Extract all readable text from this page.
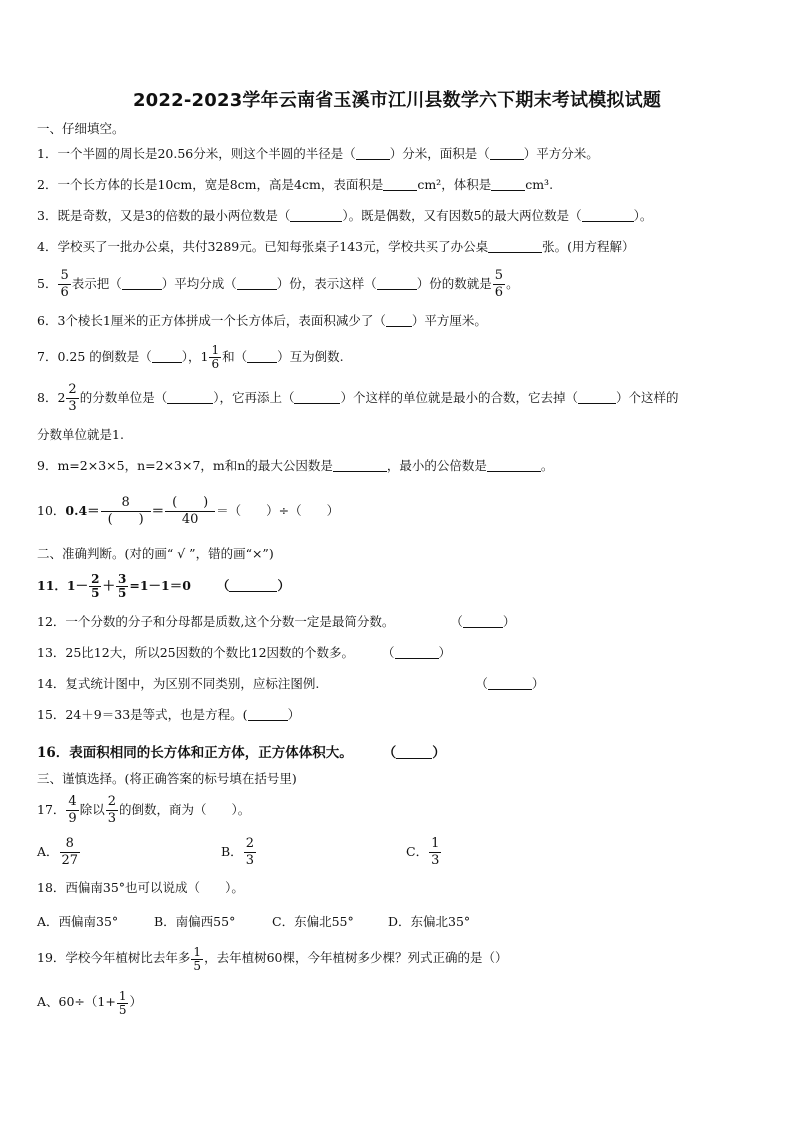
2022-2023学年云南省玉溪市江川县数学六下期末考试模拟试题
一、仔细填空。
1．一个半圆的周长是20.56分米，则这个半圆的半径是（	）分米，面积是（	）平方分米。
2．一个长方体的长是10cm，宽是8cm，高是4cm，表面积是	cm²，体积是	cm³.
3．既是奇数，又是3的倍数的最小两位数是（	）。既是偶数，又有因数5的最大两位数是（	）。
4．学校买了一批办公桌，共付3289元。已知每张桌子143元，学校共买了办公桌	张。(用方程解）
5． $\frac{5}{6}$ 表示把（	）平均分成（	）份，表示这样（	）份的数就是 $\frac{5}{6}$ 。
6．3个棱长1厘米的正方体拼成一个长方体后，表面积减少了（ ）平方厘米。
7．0.25 的倒数是（ ），$1 \frac{1}{6}$ 和（ ）互为倒数.
8．$2 \frac{2}{3}$ 的分数单位是（	），它再添上（	）个这样的单位就是最小的合数，它去掉（	）个这样的
分数单位就是1.
9．m=2×3×5，n=2×3×7，m和n的最大公因数是	，最小的公倍数是	。
10．$0.4= \frac{8}{( )} = \frac{( )}{40}$ ＝（　　）÷（　　）
二、准确判断。(对的画“ √ ”，错的画“×”)
11．$1- \frac{2}{5} + \frac{3}{5} =1-1=0$ （	）
12．一个分数的分子和分母都是质数,这个分数一定是最简分数。	（	）
13．25比12大，所以25因数的个数比12因数的个数多。 （	）
14．复式统计图中，为区别不同类别，应标注图例.	（	）
15．24＋9＝33是等式，也是方程。(	）
16．表面积相同的长方体和正方体，正方体体积大。 （	）
三、谨慎选择。(将正确答案的标号填在括号里)
17． $\frac{4}{9}$ 除以 $\frac{2}{3}$ 的倒数，商为（　　）。
A． $\frac{8}{27}$	B． $\frac{2}{3}$	C． $\frac{1}{3}$
18．西偏南35°也可以说成（　　）。
A．西偏南35°	B．南偏西55°	C．东偏北55°	D．东偏北35°
19．学校今年植树比去年多 $\frac{1}{5}$ ，去年植树60棵，今年植树多少棵？列式正确的是（）
A、$60\div(1+ \frac{1}{5}$ ）
